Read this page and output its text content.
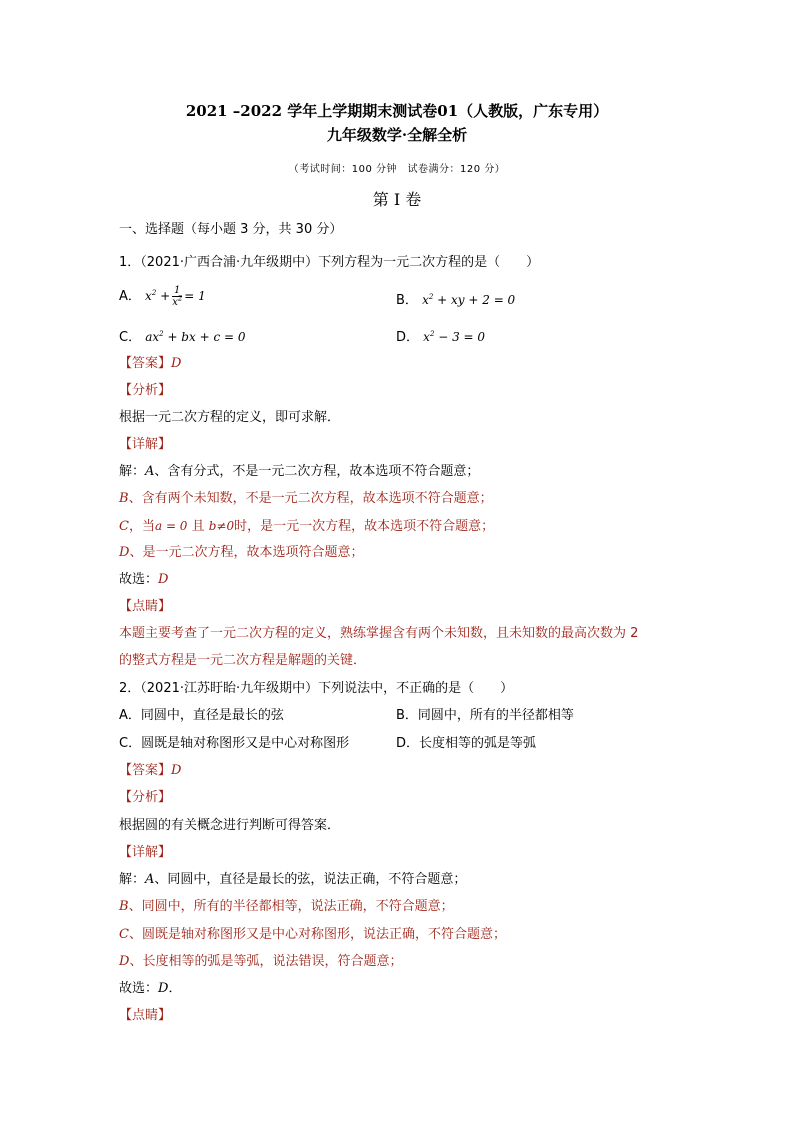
2021 –2022 学年上学期期末测试卷01（人教版，广东专用）
九年级数学·全解全析
（考试时间：100 分钟　试卷满分：120 分）
第 I 卷
一、选择题（每小题 3 分，共 30 分）
1．（2021·广西合浦·九年级期中）下列方程为一元二次方程的是（　　）
A． $x^2 + \frac{1}{x^2} = 1$	B． $x^2$ + xy + 2 = 0
C． $ax^2$ + bx + c = 0	D． $x^2 - 3 = 0$
【答案】D
【分析】
根据一元二次方程的定义，即可求解．
【详解】
解：A、含有分式，不是一元二次方程，故本选项不符合题意；
B、含有两个未知数，不是一元二次方程，故本选项不符合题意；
C，当a = 0 且 b≠0时，是一元一次方程，故本选项不符合题意；
D、是一元二次方程，故本选项符合题意；
故选：D
【点睛】
本题主要考查了一元二次方程的定义，熟练掌握含有两个未知数，且未知数的最高次数为 2
的整式方程是一元二次方程是解题的关键．
2．（2021·江苏盱眙·九年级期中）下列说法中，不正确的是（　　）
A．同圆中，直径是最长的弦	B．同圆中，所有的半径都相等
C．圆既是轴对称图形又是中心对称图形	D．长度相等的弧是等弧
【答案】D
【分析】
根据圆的有关概念进行判断可得答案．
【详解】
解：A、同圆中，直径是最长的弦，说法正确，不符合题意；
B、同圆中，所有的半径都相等，说法正确，不符合题意；
C、圆既是轴对称图形又是中心对称图形，说法正确，不符合题意；
D、长度相等的弧是等弧，说法错误，符合题意；
故选：D．
【点睛】
